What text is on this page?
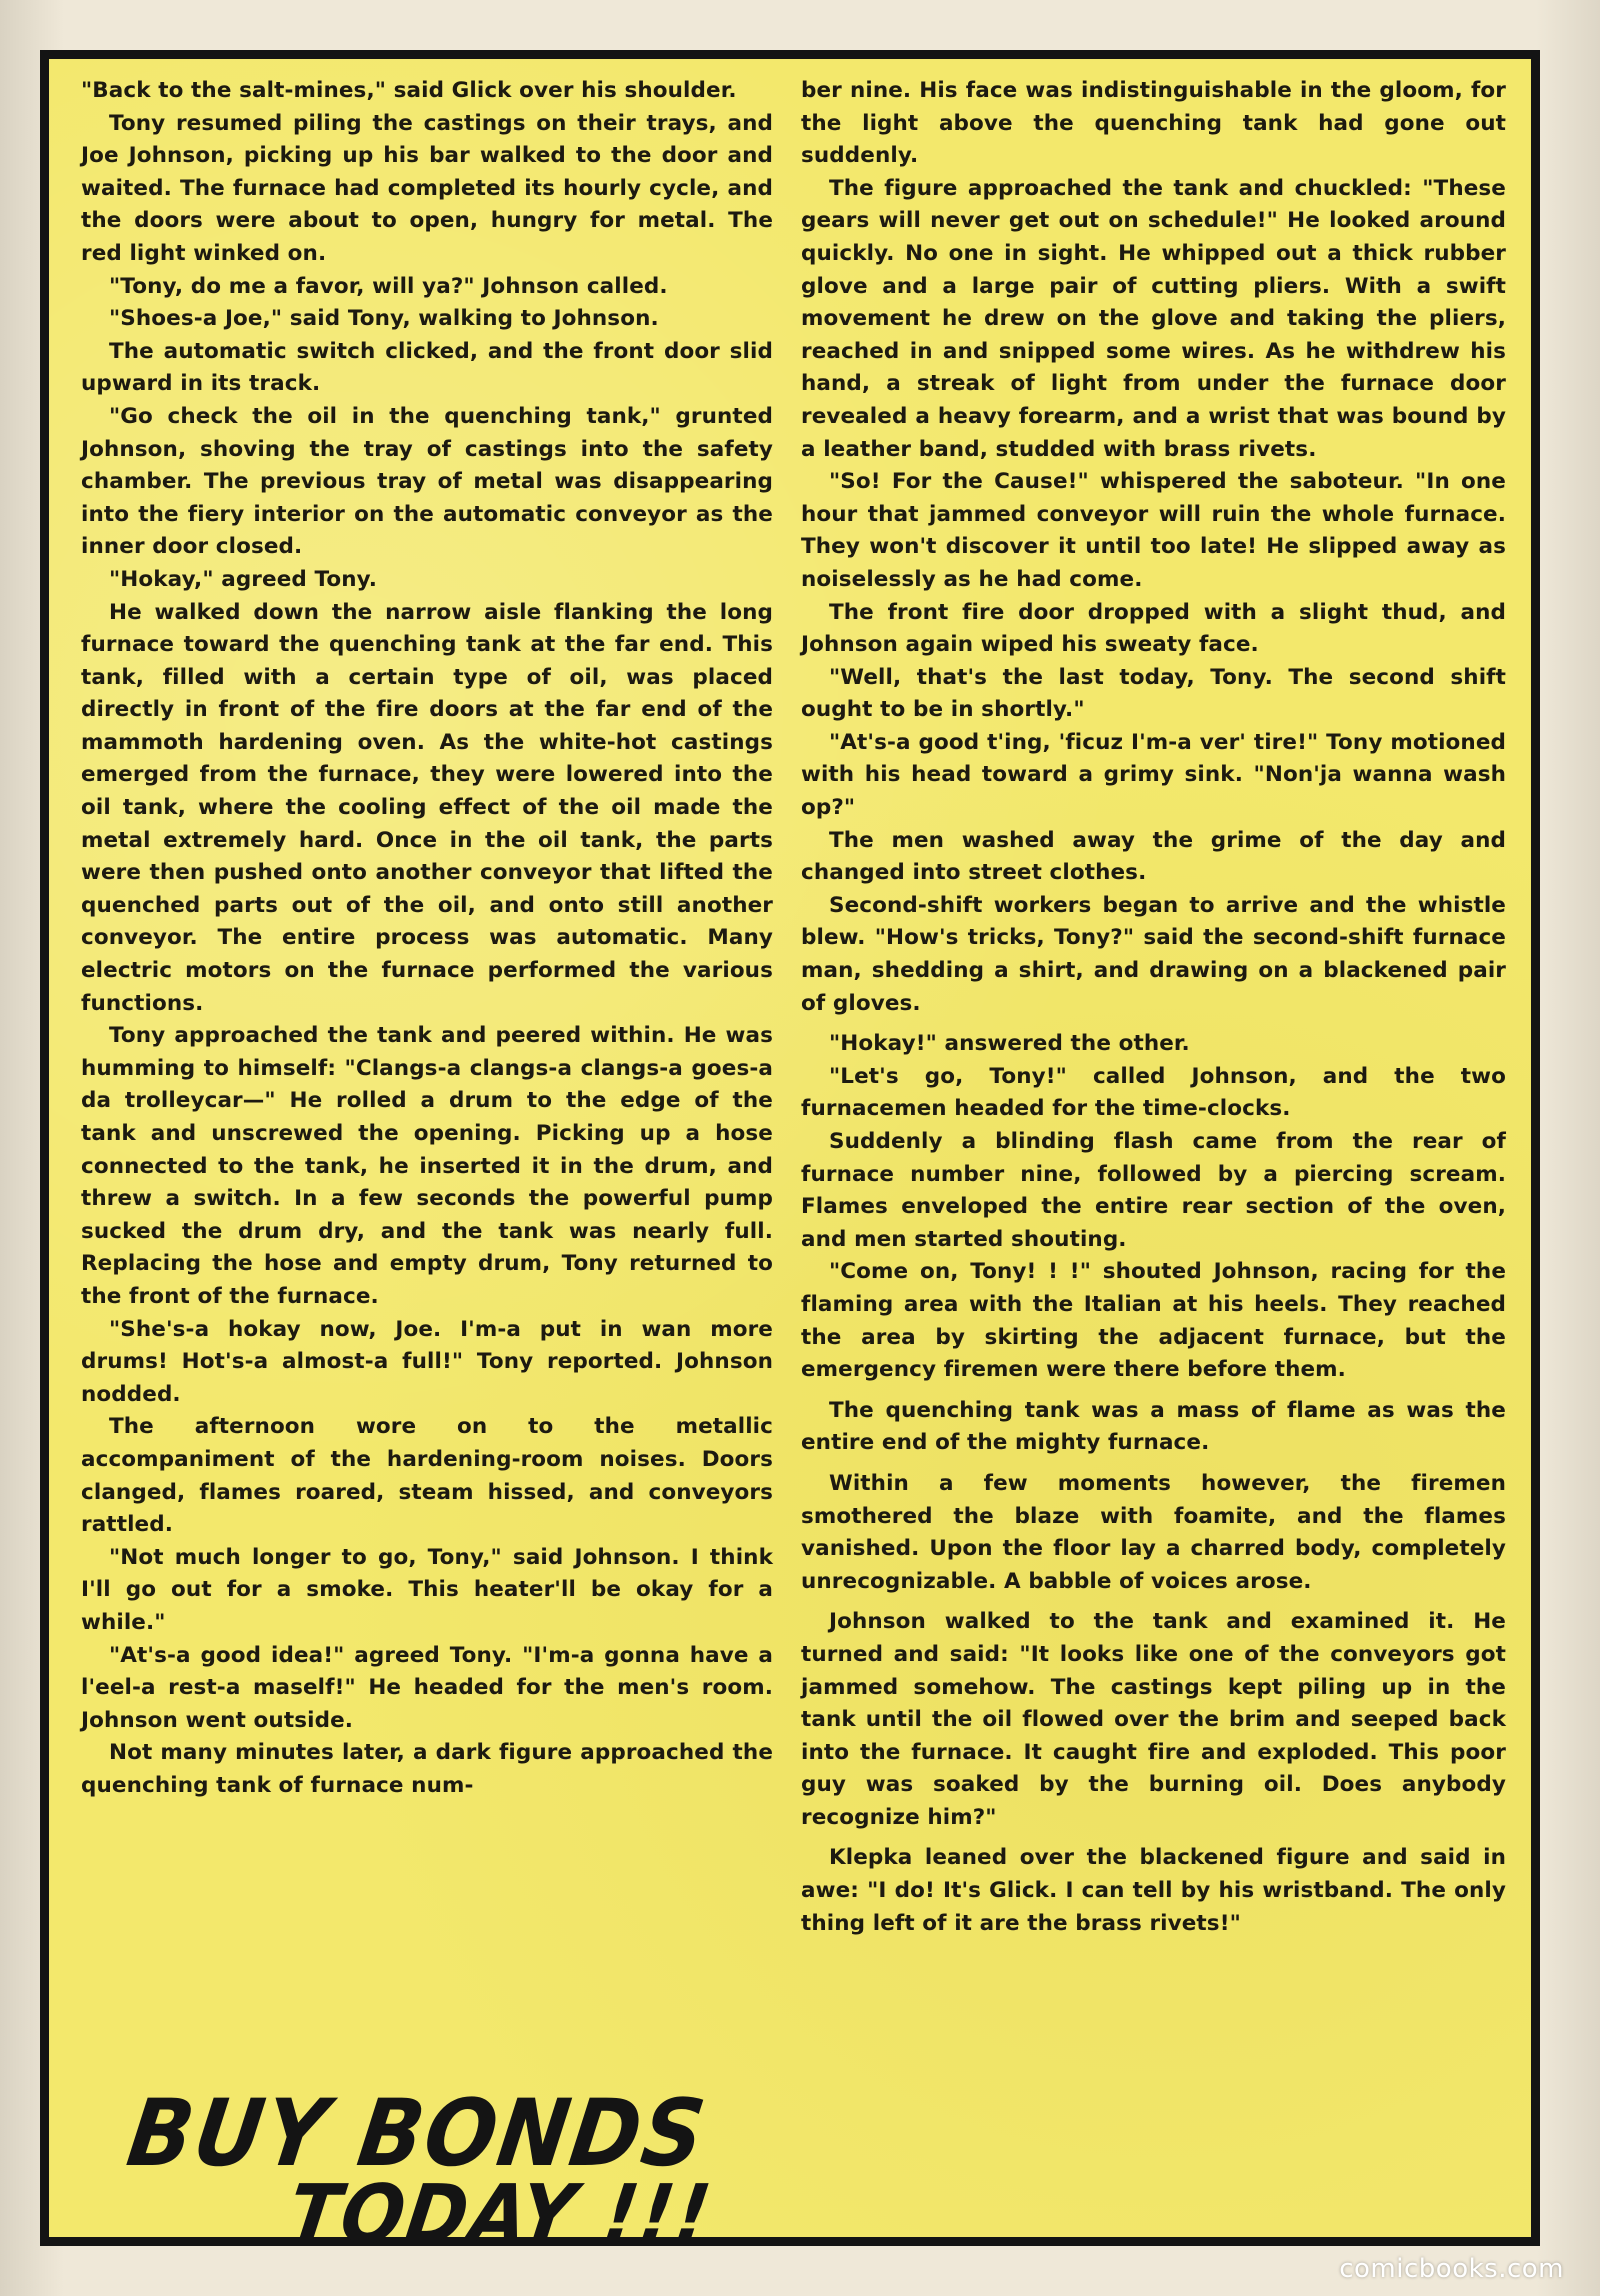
"Back to the salt-mines," said Glick over his shoulder.

Tony resumed piling the castings on their trays, and Joe Johnson, picking up his bar walked to the door and waited. The furnace had completed its hourly cycle, and the doors were about to open, hungry for metal. The red light winked on.

"Tony, do me a favor, will ya?" Johnson called.

"Shoes-a Joe," said Tony, walking to Johnson.

The automatic switch clicked, and the front door slid upward in its track.

"Go check the oil in the quenching tank," grunted Johnson, shoving the tray of castings into the safety chamber. The previous tray of metal was disappearing into the fiery interior on the automatic conveyor as the inner door closed.

"Hokay," agreed Tony.

He walked down the narrow aisle flanking the long furnace toward the quenching tank at the far end. This tank, filled with a certain type of oil, was placed directly in front of the fire doors at the far end of the mammoth hardening oven. As the white-hot castings emerged from the furnace, they were lowered into the oil tank, where the cooling effect of the oil made the metal extremely hard. Once in the oil tank, the parts were then pushed onto another conveyor that lifted the quenched parts out of the oil, and onto still another conveyor. The entire process was automatic. Many electric motors on the furnace performed the various functions.

Tony approached the tank and peered within. He was humming to himself: "Clangs-a clangs-a clangs-a goes-a da trolleycar—" He rolled a drum to the edge of the tank and unscrewed the opening. Picking up a hose connected to the tank, he inserted it in the drum, and threw a switch. In a few seconds the powerful pump sucked the drum dry, and the tank was nearly full. Replacing the hose and empty drum, Tony returned to the front of the furnace.

"She's-a hokay now, Joe. I'm-a put in wan more drums! Hot's-a almost-a full!" Tony reported. Johnson nodded.

The afternoon wore on to the metallic accompaniment of the hardening-room noises. Doors clanged, flames roared, steam hissed, and conveyors rattled.

"Not much longer to go, Tony," said Johnson. I think I'll go out for a smoke. This heater'll be okay for a while."

"At's-a good idea!" agreed Tony. "I'm-a gonna have a l'eel-a rest-a maself!" He headed for the men's room. Johnson went outside.

Not many minutes later, a dark figure approached the quenching tank of furnace num-

ber nine. His face was indistinguishable in the gloom, for the light above the quenching tank had gone out suddenly.

The figure approached the tank and chuckled: "These gears will never get out on schedule!" He looked around quickly. No one in sight. He whipped out a thick rubber glove and a large pair of cutting pliers. With a swift movement he drew on the glove and taking the pliers, reached in and snipped some wires. As he withdrew his hand, a streak of light from under the furnace door revealed a heavy forearm, and a wrist that was bound by a leather band, studded with brass rivets.

"So! For the Cause!" whispered the saboteur. "In one hour that jammed conveyor will ruin the whole furnace. They won't discover it until too late! He slipped away as noiselessly as he had come.

The front fire door dropped with a slight thud, and Johnson again wiped his sweaty face.

"Well, that's the last today, Tony. The second shift ought to be in shortly."

"At's-a good t'ing, 'ficuz I'm-a ver' tire!" Tony motioned with his head toward a grimy sink. "Non'ja wanna wash op?"

The men washed away the grime of the day and changed into street clothes.

Second-shift workers began to arrive and the whistle blew. "How's tricks, Tony?" said the second-shift furnace man, shedding a shirt, and drawing on a blackened pair of gloves.

"Hokay!" answered the other.

"Let's go, Tony!" called Johnson, and the two furnacemen headed for the time-clocks.

Suddenly a blinding flash came from the rear of furnace number nine, followed by a piercing scream. Flames enveloped the entire rear section of the oven, and men started shouting.

"Come on, Tony! ! !" shouted Johnson, racing for the flaming area with the Italian at his heels. They reached the area by skirting the adjacent furnace, but the emergency firemen were there before them.

The quenching tank was a mass of flame as was the entire end of the mighty furnace.

Within a few moments however, the firemen smothered the blaze with foamite, and the flames vanished. Upon the floor lay a charred body, completely unrecognizable. A babble of voices arose.

Johnson walked to the tank and examined it. He turned and said: "It looks like one of the conveyors got jammed somehow. The castings kept piling up in the tank until the oil flowed over the brim and seeped back into the furnace. It caught fire and exploded. This poor guy was soaked by the burning oil. Does anybody recognize him?"

Klepka leaned over the blackened figure and said in awe: "I do! It's Glick. I can tell by his wristband. The only thing left of it are the brass rivets!"

BUY BONDS
TODAY !!!
comicbooks.com
